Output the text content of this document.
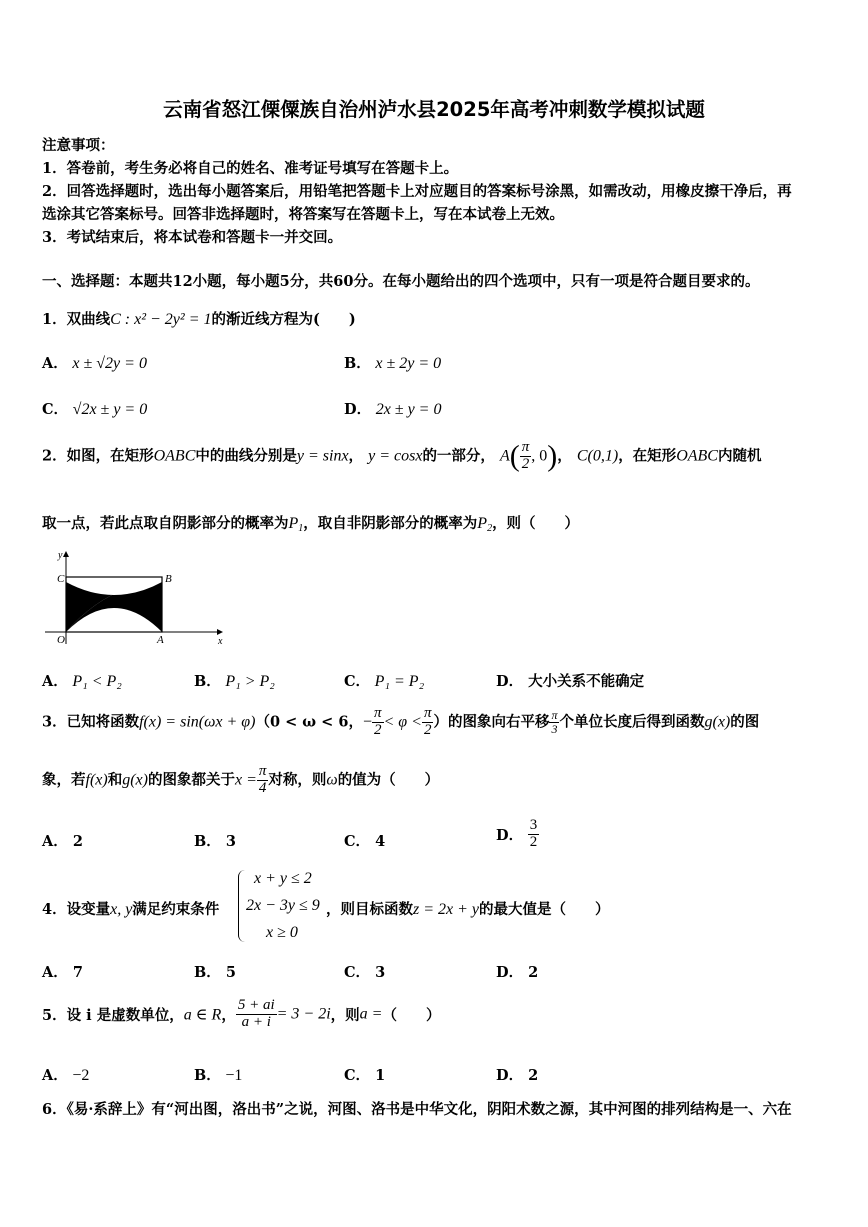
云南省怒江傈僳族自治州泸水县2025年高考冲刺数学模拟试题
注意事项：
1．答卷前，考生务必将自己的姓名、准考证号填写在答题卡上。
2．回答选择题时，选出每小题答案后，用铅笔把答题卡上对应题目的答案标号涂黑，如需改动，用橡皮擦干净后，再
选涂其它答案标号。回答非选择题时，将答案写在答题卡上，写在本试卷上无效。
3．考试结束后，将本试卷和答题卡一并交回。
一、选择题：本题共12小题，每小题5分，共60分。在每小题给出的四个选项中，只有一项是符合题目要求的。
1．双曲线C : x² − 2y² = 1的渐近线方程为(　　)
A． x ± √2y = 0	B． x ± 2y = 0
C． √2x ± y = 0	D． 2x ± y = 0
2．如图，在矩形OABC中的曲线分别是y = sinx， y = cosx的一部分， $A( \frac{\pi}{2}$ , 0)， C(0,1)，在矩形OABC内随机
取一点，若此点取自阴影部分的概率为$P_1$，取自非阴影部分的概率为$P_2$，则（　　）
y
x
C	B
O	A
A． P₁ < P₂	B． P₁ > P₂	C． P₁ = P₂	D． 大小关系不能确定
3．已知将函数f(x) = sin(ωx + φ)（0 < ω < 6，− $\frac{\pi}{2} < \varphi < \frac{\pi}{2}$ ）的图象向右平移 $\frac{\pi}{3}$ 个单位长度后得到函数g(x)的图
象，若f(x)和g(x)的图象都关于$x = \frac{\pi}{4}$ 对称，则ω的值为（　　）
A． 2	B． 3	C． 4	D． $\frac{3}{2}$
4．设变量x, y满足约束条件
x + y ≤ 2
2x − 3y ≤ 9
x ≥ 0
，则目标函数z = 2x + y的最大值是（　　）
A． 7	B． 5	C． 3	D． 2
5．设 i 是虚数单位，a ∈ R， $\frac{5 + ai}{a + i} = 3 - 2i$，则a =（　　）
A． −2	B． −1	C． 1	D． 2
6．《易·系辞上》有“河出图，洛出书”之说，河图、洛书是中华文化，阴阳术数之源，其中河图的排列结构是一、六在
